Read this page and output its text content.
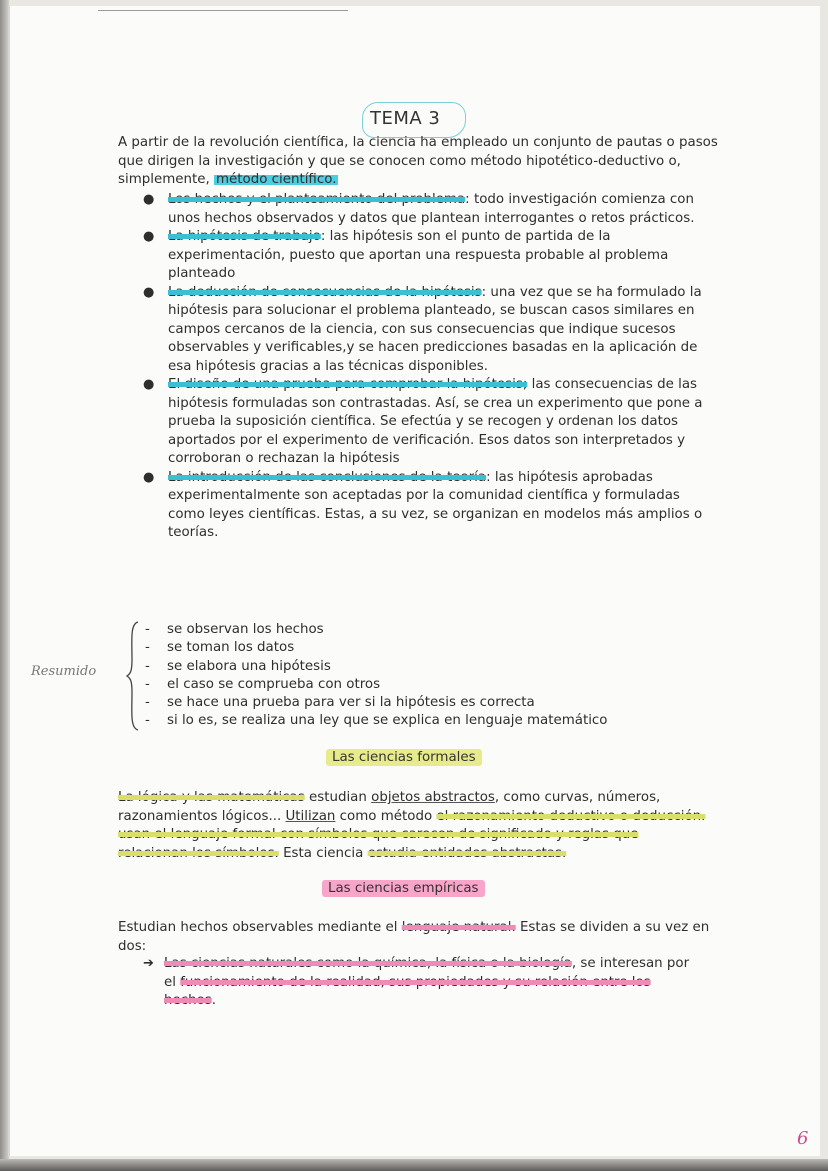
TEMA 3
A partir de la revolución científica, la ciencia ha empleado un conjunto de pautas o pasos que dirigen la investigación y que se conocen como método hipotético-deductivo o, simplemente, método científico.
● Los hechos y el planteamiento del problema: todo investigación comienza con unos hechos observados y datos que plantean interrogantes o retos prácticos.
● La hipótesis de trabajo: las hipótesis son el punto de partida de la experimentación, puesto que aportan una respuesta probable al problema planteado
● La deducción de consecuencias de la hipótesis: una vez que se ha formulado la hipótesis para solucionar el problema planteado, se buscan casos similares en campos cercanos de la ciencia, con sus consecuencias que indique sucesos observables y verificables,y se hacen predicciones basadas en la aplicación de esa hipótesis gracias a las técnicas disponibles.
● El diseño de una prueba para comprobar la hipótesis; las consecuencias de las hipótesis formuladas son contrastadas. Así, se crea un experimento que pone a prueba la suposición científica. Se efectúa y se recogen y ordenan los datos aportados por el experimento de verificación. Esos datos son interpretados y corroboran o rechazan la hipótesis
● La introducción de las conclusiones de la teoría: las hipótesis aprobadas experimentalmente son aceptadas por la comunidad científica y formuladas como leyes científicas. Estas, a su vez, se organizan en modelos más amplios o teorías.
Resumido
- se observan los hechos
- se toman los datos
- se elabora una hipótesis
- el caso se comprueba con otros
- se hace una prueba para ver si la hipótesis es correcta
- si lo es, se realiza una ley que se explica en lenguaje matemático
Las ciencias formales
La lógica y las matemáticas estudian objetos abstractos, como curvas, números, razonamientos lógicos... Utilizan como método el razonamiento deductivo o deducción. usan el lenguaje formal con símbolos que carecen de significado y reglas que relacionan los símbolos. Esta ciencia estudia entidades abstractas.
Las ciencias empíricas
Estudian hechos observables mediante el lenguaje natural. Estas se dividen a su vez en dos:
➔ Las ciencias naturales como la química, la física o la biología, se interesan por el funcionamiento de la realidad, sus propiedades y su relación entre los hechos.
6
